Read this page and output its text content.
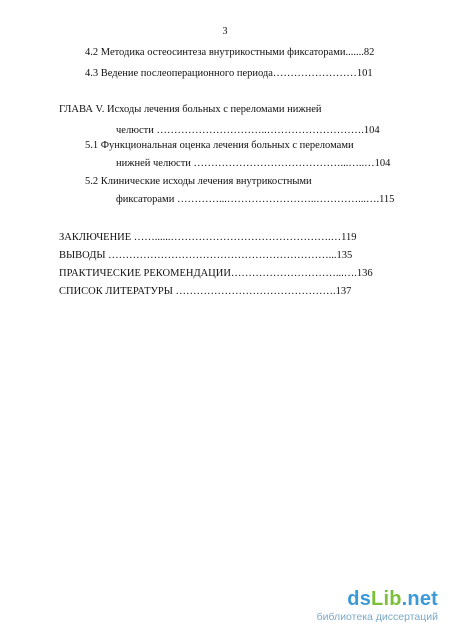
3
4.2 Методика остеосинтеза внутрикостными фиксаторами.......82
4.3 Ведение послеоперационного периода……………………101
ГЛАВА V. Исходы лечения больных с переломами нижней
челюсти …………………………..……………………….104
5.1 Функциональная оценка лечения больных с переломами
нижней челюсти ……………………………………...…..…104
5.2 Клинические исходы лечения внутрикостными
фиксаторами …………...……………………..…………...….115
ЗАКЛЮЧЕНИЕ ……......……………………………………….…119
ВЫВОДЫ ………………………………………………………...135
ПРАКТИЧЕСКИЕ РЕКОМЕНДАЦИИ…………………………...….136
СПИСОК ЛИТЕРАТУРЫ ……………………………………….137
dsLib.net
библиотека диссертаций
